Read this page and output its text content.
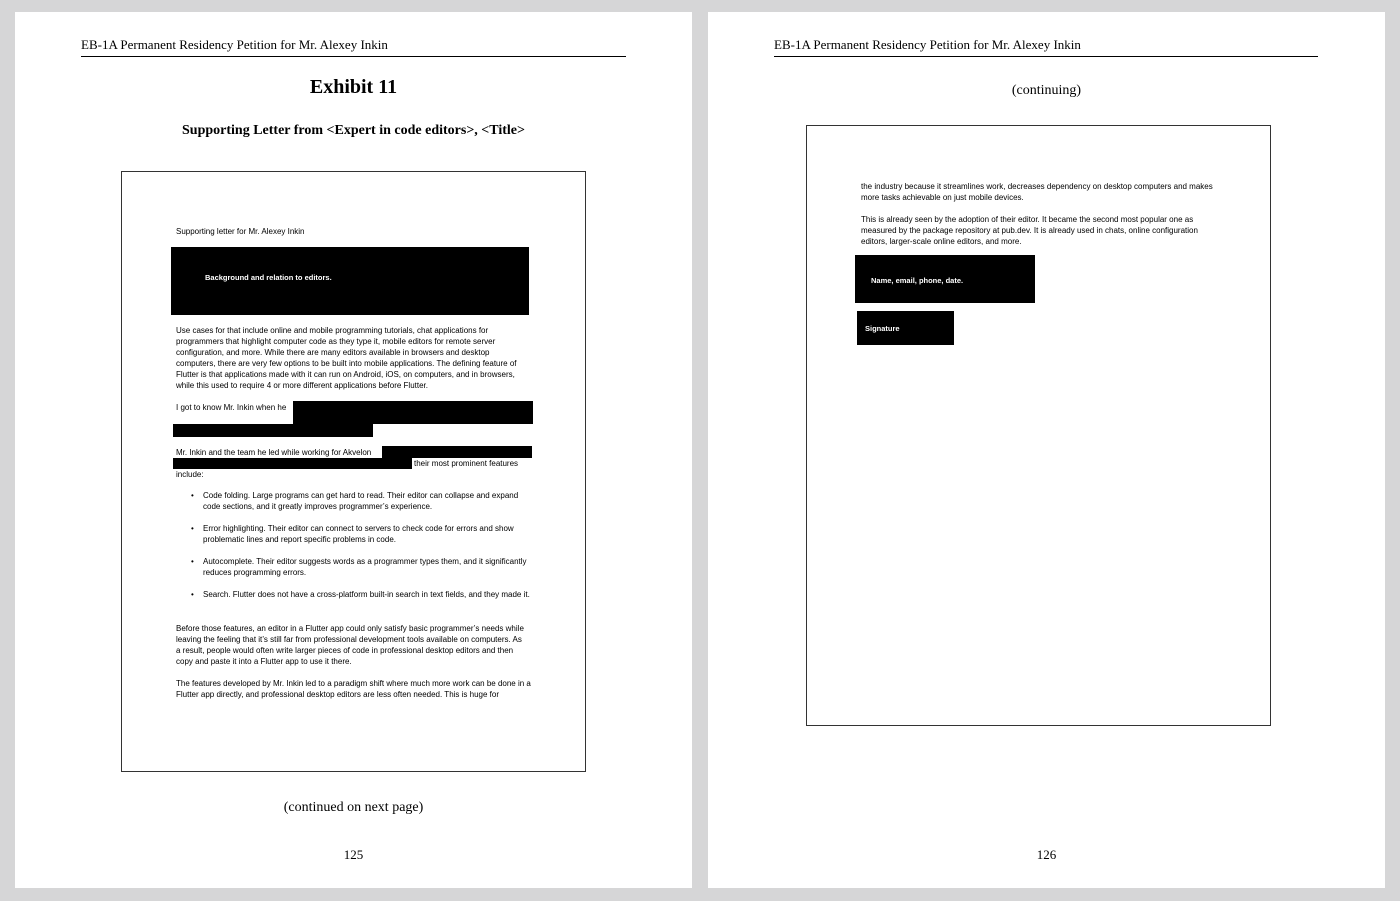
EB-1A Permanent Residency Petition for Mr. Alexey Inkin
Exhibit 11
Supporting Letter from <Expert in code editors>, <Title>
Supporting letter for Mr. Alexey Inkin
Background and relation to editors.

Use cases for that include online and mobile programming tutorials, chat applications for programmers that highlight computer code as they type it, mobile editors for remote server configuration, and more. While there are many editors available in browsers and desktop computers, there are very few options to be built into mobile applications. The defining feature of Flutter is that applications made with it can run on Android, iOS, on computers, and in browsers, while this used to require 4 or more different applications before Flutter.

I got to know Mr. Inkin when he
Mr. Inkin and the team he led while working for Akvelon
their most prominent features
include:
• Code folding. Large programs can get hard to read. Their editor can collapse and expand code sections, and it greatly improves programmer’s experience.
• Error highlighting. Their editor can connect to servers to check code for errors and show problematic lines and report specific problems in code.
• Autocomplete. Their editor suggests words as a programmer types them, and it significantly reduces programming errors.
• Search. Flutter does not have a cross-platform built-in search in text fields, and they made it.

Before those features, an editor in a Flutter app could only satisfy basic programmer’s needs while leaving the feeling that it’s still far from professional development tools available on computers. As a result, people would often write larger pieces of code in professional desktop editors and then copy and paste it into a Flutter app to use it there.

The features developed by Mr. Inkin led to a paradigm shift where much more work can be done in a Flutter app directly, and professional desktop editors are less often needed. This is huge for

(continued on next page)
125
EB-1A Permanent Residency Petition for Mr. Alexey Inkin
(continuing)

the industry because it streamlines work, decreases dependency on desktop computers and makes more tasks achievable on just mobile devices.

This is already seen by the adoption of their editor. It became the second most popular one as measured by the package repository at pub.dev. It is already used in chats, online configuration editors, larger-scale online editors, and more.

Name, email, phone, date.
Signature
126
